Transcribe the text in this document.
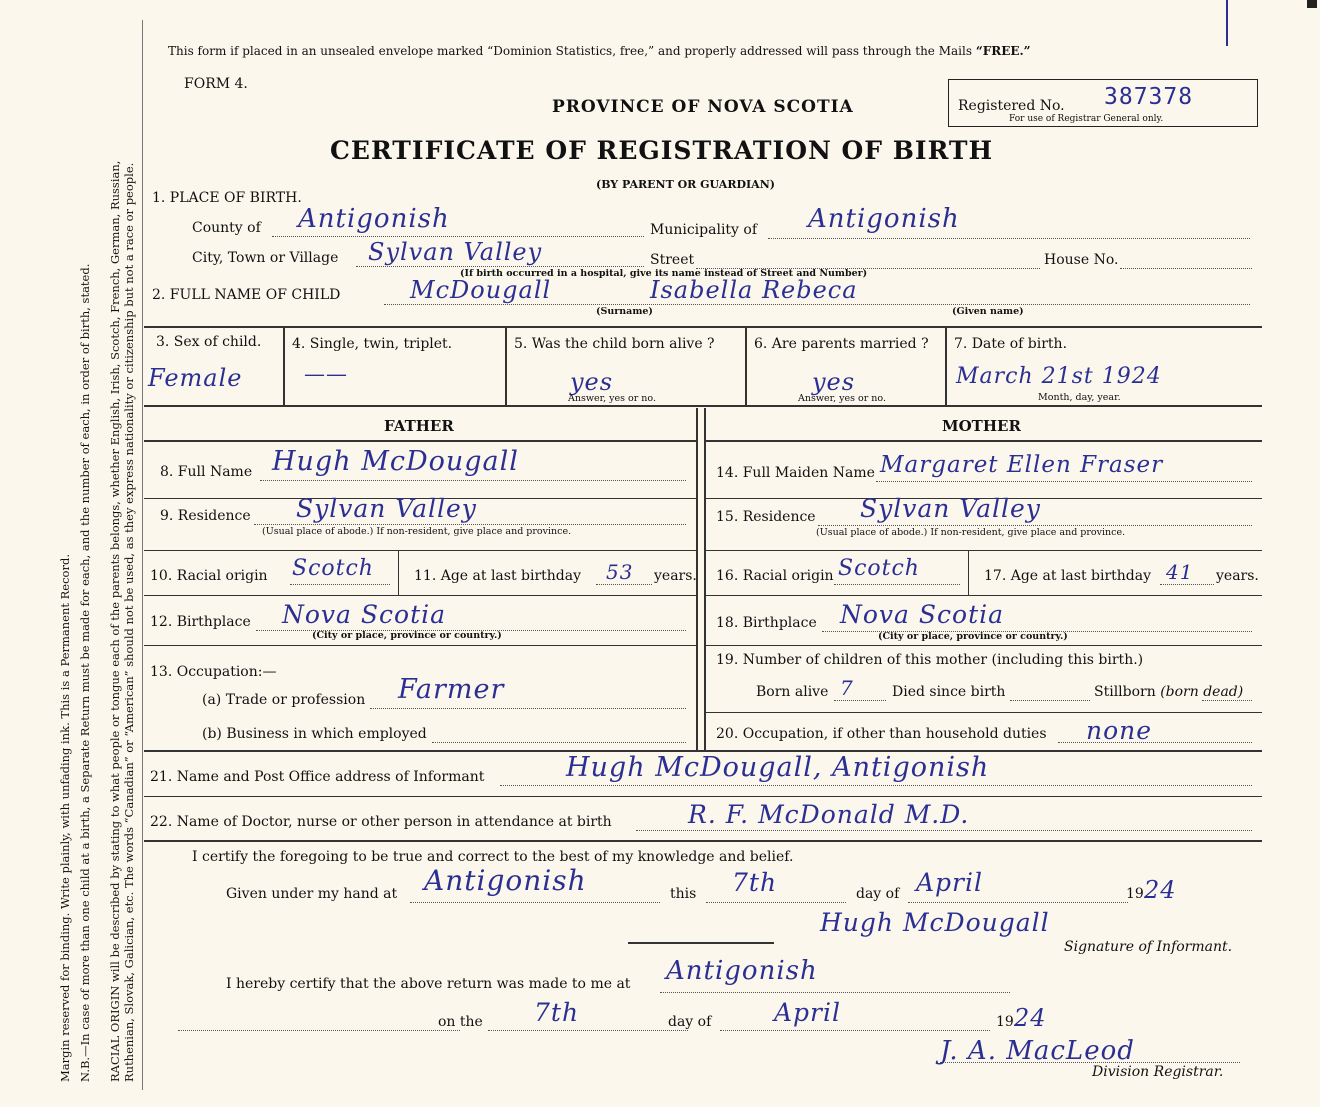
Margin reserved for binding. Write plainly, with unfading ink. This is a Permanent Record. N.B.—In case of more than one child at a birth, a Separate Return must be made for each, and the number of each, in order of birth, stated. RACIAL ORIGIN will be described by stating to what people or tongue each of the parents belongs, whether English, Irish, Scotch, French, German, Russian, Ruthenian, Slovak, Galician, etc. The words “Canadian” or “American” should not be used, as they express nationality or citizenship but not a race or people.
This form if placed in an unsealed envelope marked “Dominion Statistics, free,” and properly addressed will pass through the Mails “FREE.”
FORM 4.
PROVINCE OF NOVA SCOTIA	Registered No. 387378
For use of Registrar General only.
CERTIFICATE OF REGISTRATION OF BIRTH
(BY PARENT OR GUARDIAN)
1. PLACE OF BIRTH.
County of Antigonish	Municipality of Antigonish
City, Town or Village Sylvan Valley	Street	House No.
(If birth occurred in a hospital, give its name instead of Street and Number)
2. FULL NAME OF CHILD	McDougall	Isabella Rebeca
(Surname)	(Given name)
3. Sex of child.
Female
4. Single, twin, triplet.
——
5. Was the child born alive ?
yes
Answer, yes or no.
6. Are parents married ?
yes
Answer, yes or no.
7. Date of birth.
March 21st 1924
Month, day, year.
FATHER	MOTHER
8. Full Name Hugh McDougall
9. Residence Sylvan Valley
(Usual place of abode.) If non-resident, give place and province.
10. Racial origin Scotch	11. Age at last birthday 53 years.
12. Birthplace Nova Scotia
(City or place, province or country.)
13. Occupation:—
(a) Trade or profession Farmer
(b) Business in which employed
14. Full Maiden Name Margaret Ellen Fraser
15. Residence Sylvan Valley
(Usual place of abode.) If non-resident, give place and province.
16. Racial origin Scotch	17. Age at last birthday 41 years.
18. Birthplace Nova Scotia
(City or place, province or country.)
19. Number of children of this mother (including this birth.)
Born alive 7	Died since birth	Stillborn (born dead)
20. Occupation, if other than household duties none
21. Name and Post Office address of Informant	Hugh McDougall, Antigonish
22. Name of Doctor, nurse or other person in attendance at birth	R. F. McDonald M.D.
I certify the foregoing to be true and correct to the best of my knowledge and belief.
Given under my hand at Antigonish	this 7th	day of April	19 24
Hugh McDougall
Signature of Informant.
I hereby certify that the above return was made to me at Antigonish
on the 7th	day of	April	19 24
J. A. MacLeod
Division Registrar.
